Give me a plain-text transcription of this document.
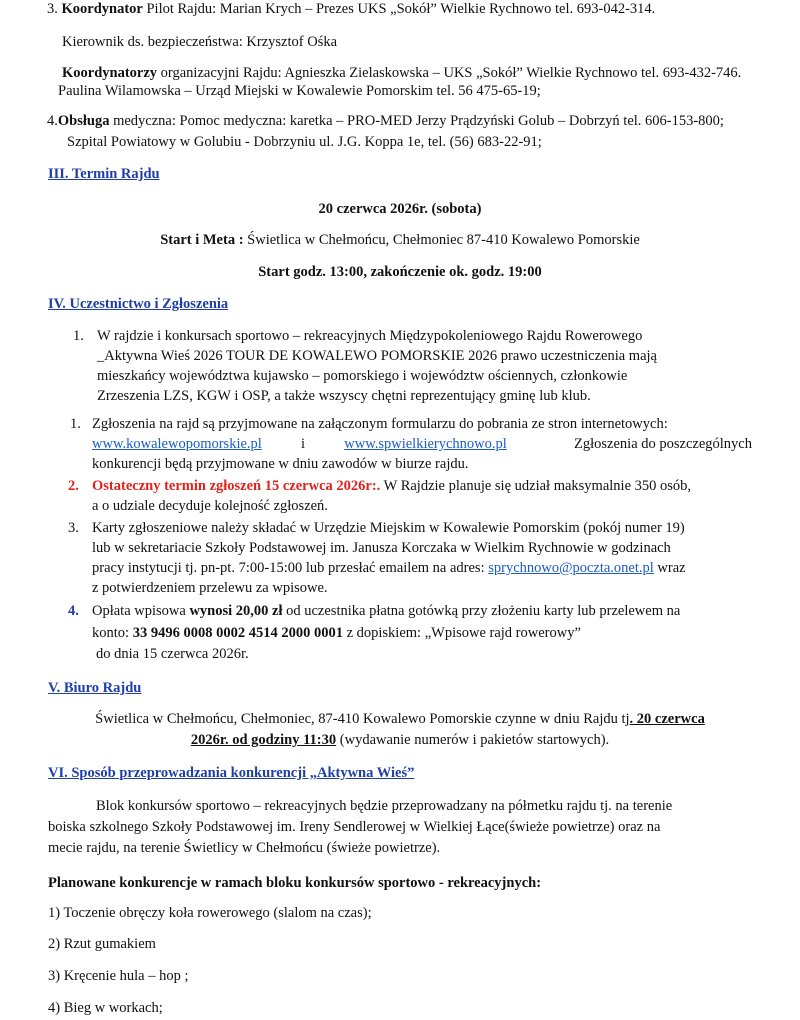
3. Koordynator Pilot Rajdu: Marian Krych – Prezes UKS „Sokół” Wielkie Rychnowo tel. 693-042-314.
Kierownik ds. bezpieczeństwa: Krzysztof Ośka
Koordynatorzy organizacyjni Rajdu: Agnieszka Zielaskowska – UKS „Sokół” Wielkie Rychnowo tel. 693-432-746.
Paulina Wilamowska – Urząd Miejski w Kowalewie Pomorskim tel. 56 475-65-19;
4.Obsługa medyczna: Pomoc medyczna: karetka – PRO-MED Jerzy Prądzyński Golub – Dobrzyń tel. 606-153-800;
Szpital Powiatowy w Golubiu - Dobrzyniu ul. J.G. Koppa 1e, tel. (56) 683-22-91;
III. Termin Rajdu
20 czerwca 2026r. (sobota)
Start i Meta : Świetlica w Chełmońcu, Chełmoniec 87-410 Kowalewo Pomorskie
Start godz. 13:00, zakończenie ok. godz. 19:00
IV. Uczestnictwo i Zgłoszenia
1. W rajdzie i konkursach sportowo – rekreacyjnych Międzypokoleniowego Rajdu Rowerowego
_Aktywna Wieś 2026 TOUR DE KOWALEWO POMORSKIE 2026 prawo uczestniczenia mają
mieszkańcy województwa kujawsko – pomorskiego i województw ościennych, członkowie
Zrzeszenia LZS, KGW i OSP, a także wszyscy chętni reprezentujący gminę lub klub.
1. Zgłoszenia na rajd są przyjmowane na załączonym formularzu do pobrania ze stron internetowych:
www.kowalewopomorskie.pl	i	www.spwielkierychnowo.pl	Zgłoszenia do poszczególnych
konkurencji będą przyjmowane w dniu zawodów w biurze rajdu.
2. Ostateczny termin zgłoszeń 15 czerwca 2026r:. W Rajdzie planuje się udział maksymalnie 350 osób,
a o udziale decyduje kolejność zgłoszeń.
3. Karty zgłoszeniowe należy składać w Urzędzie Miejskim w Kowalewie Pomorskim (pokój numer 19)
lub w sekretariacie Szkoły Podstawowej im. Janusza Korczaka w Wielkim Rychnowie w godzinach
pracy instytucji tj. pn-pt. 7:00-15:00 lub przesłać emailem na adres: sprychnowo@poczta.onet.pl wraz
z potwierdzeniem przelewu za wpisowe.
4. Opłata wpisowa wynosi 20,00 zł od uczestnika płatna gotówką przy złożeniu karty lub przelewem na
konto: 33 9496 0008 0002 4514 2000 0001 z dopiskiem: „Wpisowe rajd rowerowy”
do dnia 15 czerwca 2026r.
V. Biuro Rajdu
Świetlica w Chełmońcu, Chełmoniec, 87-410 Kowalewo Pomorskie czynne w dniu Rajdu tj. 20 czerwca
2026r. od godziny 11:30 (wydawanie numerów i pakietów startowych).
VI. Sposób przeprowadzania konkurencji „Aktywna Wieś”
Blok konkursów sportowo – rekreacyjnych będzie przeprowadzany na półmetku rajdu tj. na terenie
boiska szkolnego Szkoły Podstawowej im. Ireny Sendlerowej w Wielkiej Łące(świeże powietrze) oraz na
mecie rajdu, na terenie Świetlicy w Chełmońcu (świeże powietrze).
Planowane konkurencje w ramach bloku konkursów sportowo - rekreacyjnych:
1) Toczenie obręczy koła rowerowego (slalom na czas);
2) Rzut gumakiem
3) Kręcenie hula – hop ;
4) Bieg w workach;
